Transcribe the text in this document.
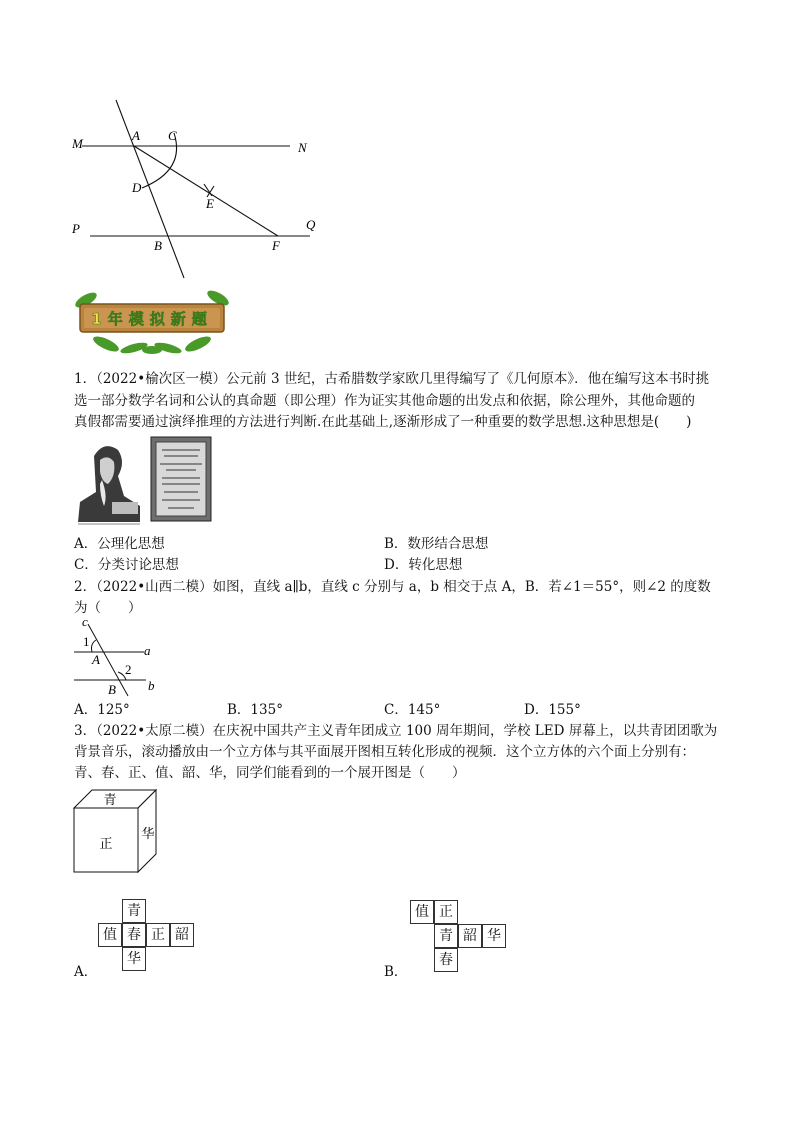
M
A C
N
D
E
P	Q
B	F
1年模拟新题
1．（2022•榆次区一模）公元前 3 世纪，古希腊数学家欧几里得编写了《几何原本》．他在编写这本书时挑
选一部分数学名词和公认的真命题（即公理）作为证实其他命题的出发点和依据，除公理外，其他命题的
真假都需要通过演绎推理的方法进行判断.在此基础上,逐渐形成了一种重要的数学思想.这种思想是(　　)
A．公理化思想	B．数形结合思想
C．分类讨论思想	D．转化思想
2．（2022•山西二模）如图，直线 a∥b，直线 c 分别与 a，b 相交于点 A，B．若∠1＝55°，则∠2 的度数
为（　　）
c
1
A
a
2
B b
A．125°	B．135°	C．145°	D．155°
3．（2022•太原二模）在庆祝中国共产主义青年团成立 100 周年期间，学校 LED 屏幕上，以共青团团歌为
背景音乐，滚动播放由一个立方体与其平面展开图相互转化形成的视频．这个立方体的六个面上分别有：
青、春、正、值、韶、华，同学们能看到的一个展开图是（　　）
青
正
华
青
值 春 正 韶
华
A．
值 正
青 韶 华
春
B．
